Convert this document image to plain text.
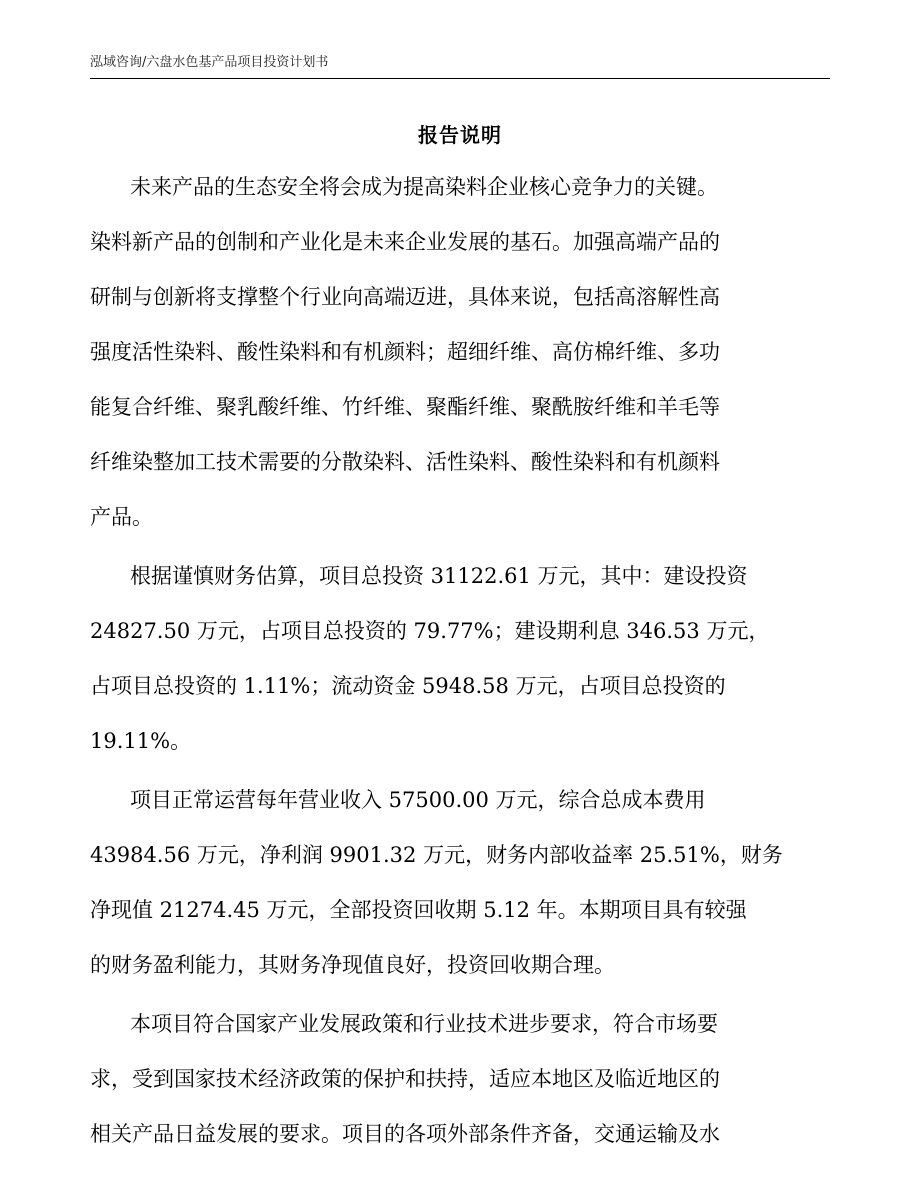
泓域咨询/六盘水色基产品项目投资计划书
报告说明
未来产品的生态安全将会成为提高染料企业核心竞争力的关键。
染料新产品的创制和产业化是未来企业发展的基石。加强高端产品的
研制与创新将支撑整个行业向高端迈进，具体来说，包括高溶解性高
强度活性染料、酸性染料和有机颜料；超细纤维、高仿棉纤维、多功
能复合纤维、聚乳酸纤维、竹纤维、聚酯纤维、聚酰胺纤维和羊毛等
纤维染整加工技术需要的分散染料、活性染料、酸性染料和有机颜料
产品。
根据谨慎财务估算，项目总投资 31122.61 万元，其中：建设投资
24827.50 万元，占项目总投资的 79.77%；建设期利息 346.53 万元，
占项目总投资的 1.11%；流动资金 5948.58 万元，占项目总投资的
19.11%。
项目正常运营每年营业收入 57500.00 万元，综合总成本费用
43984.56 万元，净利润 9901.32 万元，财务内部收益率 25.51%，财务
净现值 21274.45 万元，全部投资回收期 5.12 年。本期项目具有较强
的财务盈利能力，其财务净现值良好，投资回收期合理。
本项目符合国家产业发展政策和行业技术进步要求，符合市场要
求，受到国家技术经济政策的保护和扶持，适应本地区及临近地区的
相关产品日益发展的要求。项目的各项外部条件齐备，交通运输及水
